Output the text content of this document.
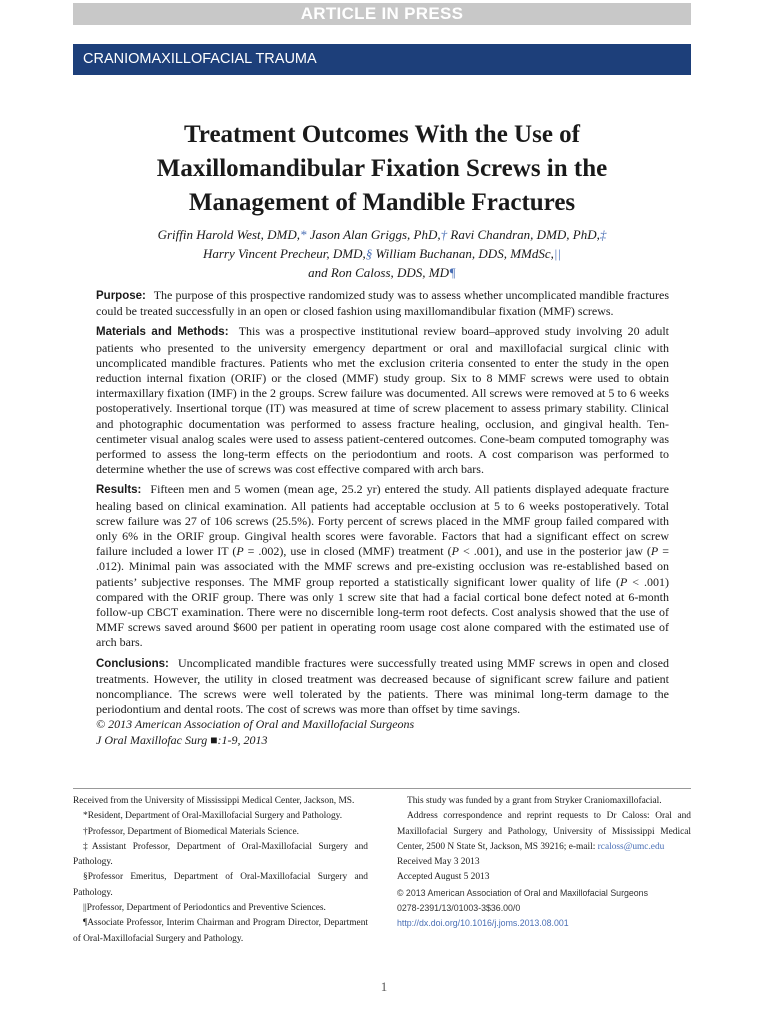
ARTICLE IN PRESS
CRANIOMAXILLOFACIAL TRAUMA
Treatment Outcomes With the Use of
Maxillomandibular Fixation Screws in the
Management of Mandible Fractures
Griffin Harold West, DMD,* Jason Alan Griggs, PhD,† Ravi Chandran, DMD, PhD,‡
Harry Vincent Precheur, DMD,§ William Buchanan, DDS, MMdSc,||
and Ron Caloss, DDS, MD¶

Purpose: The purpose of this prospective randomized study was to assess whether uncomplicated mandible fractures could be treated successfully in an open or closed fashion using maxillomandibular fixation (MMF) screws.

Materials and Methods: This was a prospective institutional review board–approved study involving 20 adult patients who presented to the university emergency department or oral and maxillofacial surgical clinic with uncomplicated mandible fractures. Patients who met the exclusion criteria consented to enter the study in the open reduction internal fixation (ORIF) or the closed (MMF) study group. Six to 8 MMF screws were used to obtain intermaxillary fixation (IMF) in the 2 groups. Screw failure was documented. All screws were removed at 5 to 6 weeks postoperatively. Insertional torque (IT) was measured at time of screw placement to assess primary stability. Clinical and photographic documentation was performed to assess fracture healing, occlusion, and gingival health. Ten-centimeter visual analog scales were used to assess patient-centered outcomes. Cone-beam computed tomography was performed to assess the long-term effects on the periodontium and roots. A cost comparison was performed to determine whether the use of screws was cost effective compared with arch bars.

Results: Fifteen men and 5 women (mean age, 25.2 yr) entered the study. All patients displayed adequate fracture healing based on clinical examination. All patients had acceptable occlusion at 5 to 6 weeks postoperatively. Total screw failure was 27 of 106 screws (25.5%). Forty percent of screws placed in the MMF group failed compared with only 6% in the ORIF group. Gingival health scores were favorable. Factors that had a significant effect on screw failure included a lower IT (P = .002), use in closed (MMF) treatment (P < .001), and use in the posterior jaw (P = .012). Minimal pain was associated with the MMF screws and pre-existing occlusion was re-established based on patients’ subjective responses. The MMF group reported a statistically significant lower quality of life (P < .001) compared with the ORIF group. There was only 1 screw site that had a facial cortical bone defect noted at 6-month follow-up CBCT examination. There were no discernible long-term root defects. Cost analysis showed that the use of MMF screws saved around $600 per patient in operating room usage cost alone compared with the estimated use of arch bars.

Conclusions: Uncomplicated mandible fractures were successfully treated using MMF screws in open and closed treatments. However, the utility in closed treatment was decreased because of significant screw failure and patient noncompliance. The screws were well tolerated by the patients. There was minimal long-term damage to the periodontium and dental roots. The cost of screws was more than offset by time savings.

© 2013 American Association of Oral and Maxillofacial Surgeons

J Oral Maxillofac Surg ■:1-9, 2013

Received from the University of Mississippi Medical Center, Jackson, MS.

*Resident, Department of Oral-Maxillofacial Surgery and Pathology.

†Professor, Department of Biomedical Materials Science.

‡Assistant Professor, Department of Oral-Maxillofacial Surgery and Pathology.

§Professor Emeritus, Department of Oral-Maxillofacial Surgery and Pathology.

||Professor, Department of Periodontics and Preventive Sciences.

¶Associate Professor, Interim Chairman and Program Director, Department of Oral-Maxillofacial Surgery and Pathology.

This study was funded by a grant from Stryker Craniomaxillofacial.

Address correspondence and reprint requests to Dr Caloss: Oral and Maxillofacial Surgery and Pathology, University of Mississippi Medical Center, 2500 N State St, Jackson, MS 39216; e-mail: rcaloss@umc.edu

Received May 3 2013

Accepted August 5 2013

© 2013 American Association of Oral and Maxillofacial Surgeons

0278-2391/13/01003-3$36.00/0

http://dx.doi.org/10.1016/j.joms.2013.08.001

1
